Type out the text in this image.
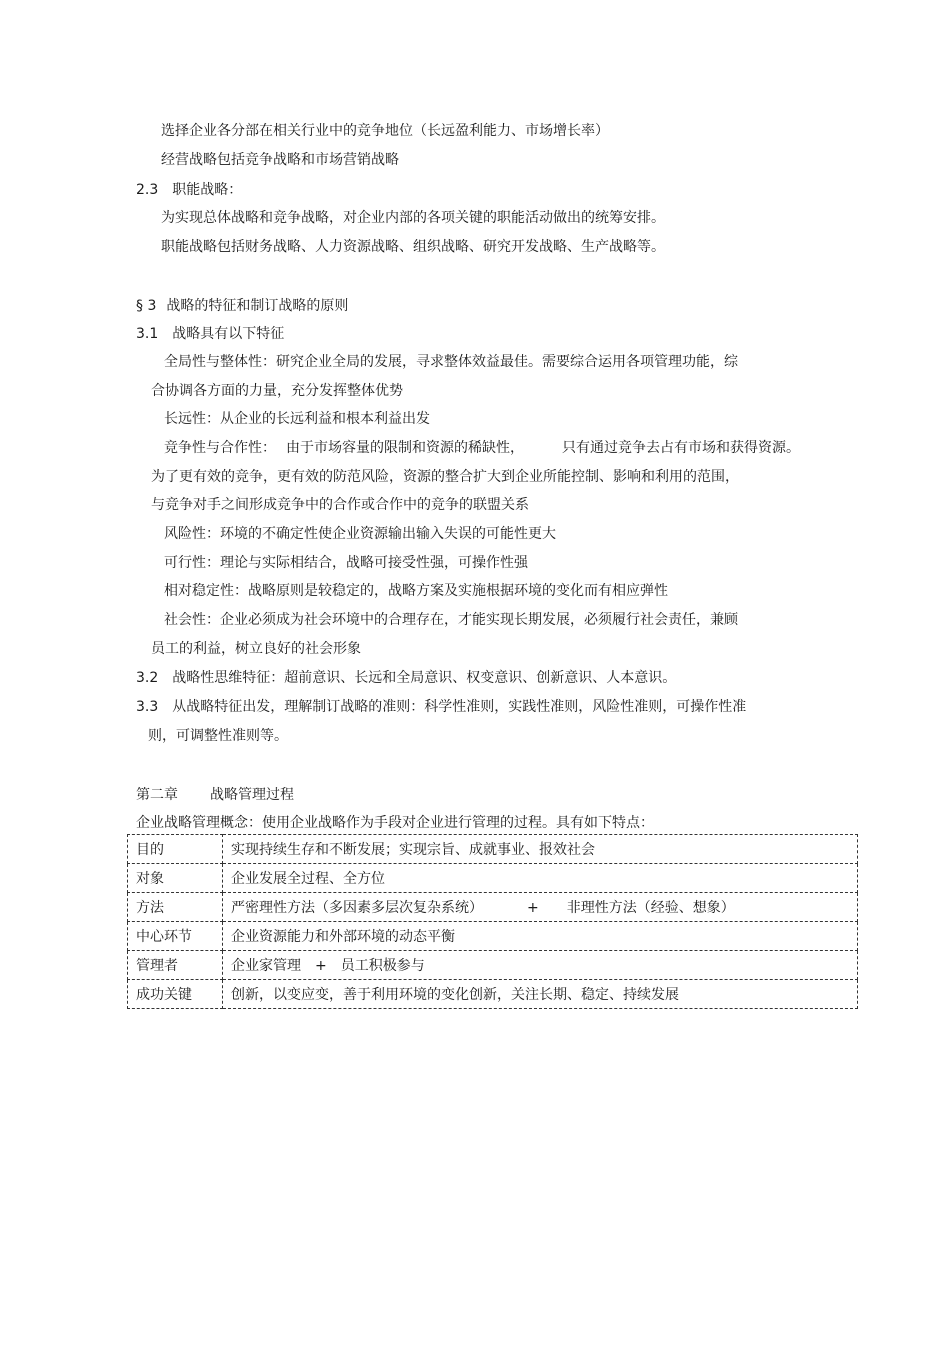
选择企业各分部在相关行业中的竞争地位（长远盈利能力、市场增长率）
经营战略包括竞争战略和市场营销战略
2.3 职能战略：
为实现总体战略和竞争战略，对企业内部的各项关键的职能活动做出的统筹安排。
职能战略包括财务战略、人力资源战略、组织战略、研究开发战略、生产战略等。
§ 3 战略的特征和制订战略的原则
3.1 战略具有以下特征
全局性与整体性：研究企业全局的发展，寻求整体效益最佳。需要综合运用各项管理功能，综
合协调各方面的力量，充分发挥整体优势
长远性：从企业的长远利益和根本利益出发
竞争性与合作性： 由于市场容量的限制和资源的稀缺性，	只有通过竞争去占有市场和获得资源。
为了更有效的竞争，更有效的防范风险，资源的整合扩大到企业所能控制、影响和利用的范围，
与竞争对手之间形成竞争中的合作或合作中的竞争的联盟关系
风险性：环境的不确定性使企业资源输出输入失误的可能性更大
可行性：理论与实际相结合，战略可接受性强，可操作性强
相对稳定性：战略原则是较稳定的，战略方案及实施根据环境的变化而有相应弹性
社会性：企业必须成为社会环境中的合理存在，才能实现长期发展，必须履行社会责任，兼顾
员工的利益，树立良好的社会形象
3.2 战略性思维特征：超前意识、长远和全局意识、权变意识、创新意识、人本意识。
3.3 从战略特征出发，理解制订战略的准则：科学性准则，实践性准则，风险性准则，可操作性准
则，可调整性准则等。
第二章 战略管理过程
企业战略管理概念：使用企业战略作为手段对企业进行管理的过程。具有如下特点：
目的	实现持续生存和不断发展；实现宗旨、成就事业、报效社会
对象	企业发展全过程、全方位
方法	严密理性方法（多因素多层次复杂系统） + 非理性方法（经验、想象）
中心环节	企业资源能力和外部环境的动态平衡
管理者	企业家管理 + 员工积极参与
成功关键	创新，以变应变，善于利用环境的变化创新，关注长期、稳定、持续发展
